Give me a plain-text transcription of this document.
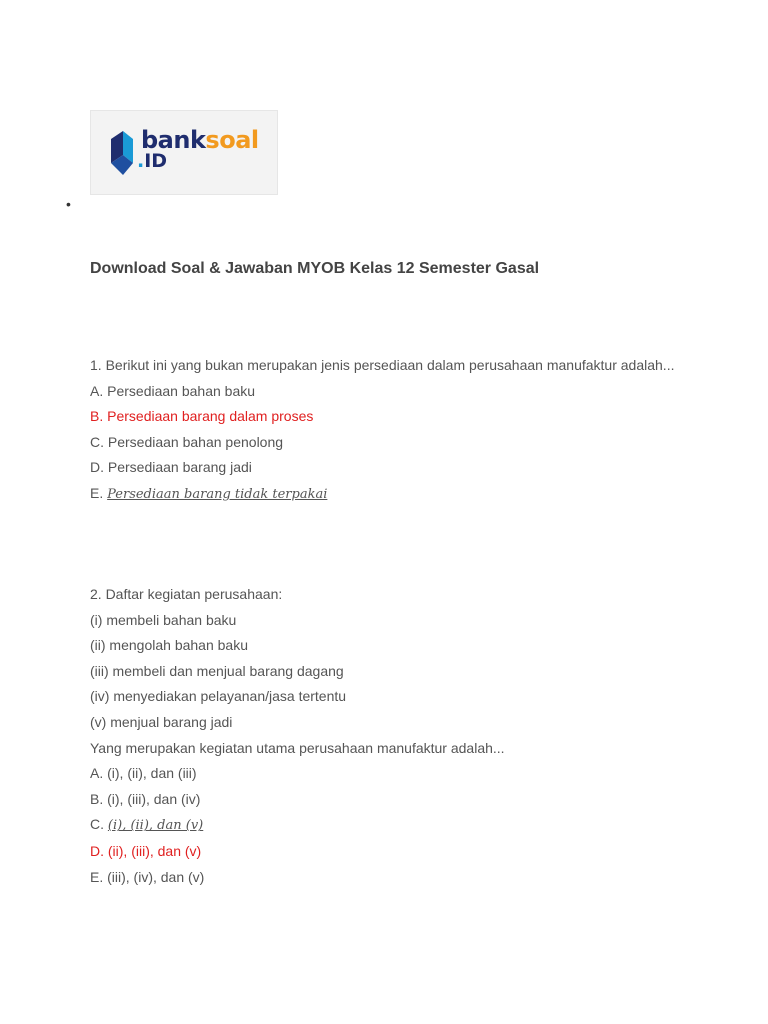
banksoal
.ID
•
Download Soal & Jawaban MYOB Kelas 12 Semester Gasal

1. Berikut ini yang bukan merupakan jenis persediaan dalam perusahaan manufaktur adalah...

A. Persediaan bahan baku

B. Persediaan barang dalam proses

C. Persediaan bahan penolong

D. Persediaan barang jadi

E. Persediaan barang tidak terpakai

2. Daftar kegiatan perusahaan:

(i) membeli bahan baku

(ii) mengolah bahan baku

(iii) membeli dan menjual barang dagang

(iv) menyediakan pelayanan/jasa tertentu

(v) menjual barang jadi

Yang merupakan kegiatan utama perusahaan manufaktur adalah...

A. (i), (ii), dan (iii)

B. (i), (iii), dan (iv)

C. (i), (ii), dan (v)

D. (ii), (iii), dan (v)

E. (iii), (iv), dan (v)
